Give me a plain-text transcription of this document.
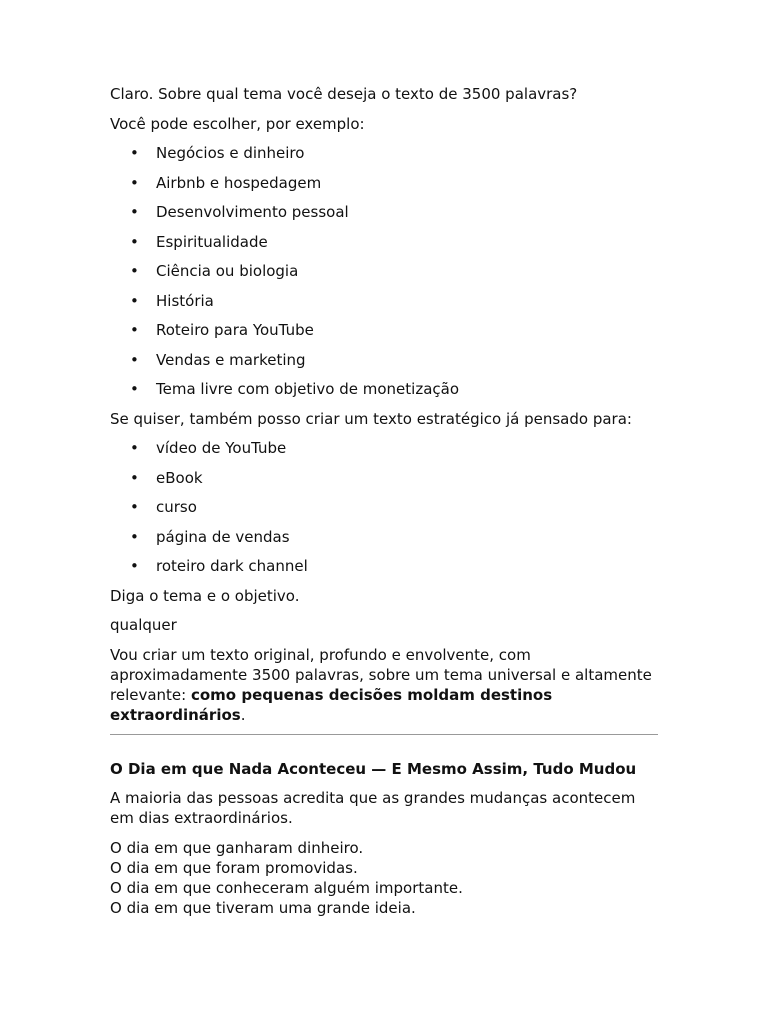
Claro. Sobre qual tema você deseja o texto de 3500 palavras?

Você pode escolher, por exemplo:

• Negócios e dinheiro
• Airbnb e hospedagem
• Desenvolvimento pessoal
• Espiritualidade
• Ciência ou biologia
• História
• Roteiro para YouTube
• Vendas e marketing
• Tema livre com objetivo de monetização

Se quiser, também posso criar um texto estratégico já pensado para:

• vídeo de YouTube
• eBook
• curso
• página de vendas
• roteiro dark channel

Diga o tema e o objetivo.

qualquer

Vou criar um texto original, profundo e envolvente, com aproximadamente 3500 palavras, sobre um tema universal e altamente relevante: como pequenas decisões moldam destinos extraordinários.

O Dia em que Nada Aconteceu — E Mesmo Assim, Tudo Mudou

A maioria das pessoas acredita que as grandes mudanças acontecem em dias extraordinários.

O dia em que ganharam dinheiro.
O dia em que foram promovidas.
O dia em que conheceram alguém importante.
O dia em que tiveram uma grande ideia.
